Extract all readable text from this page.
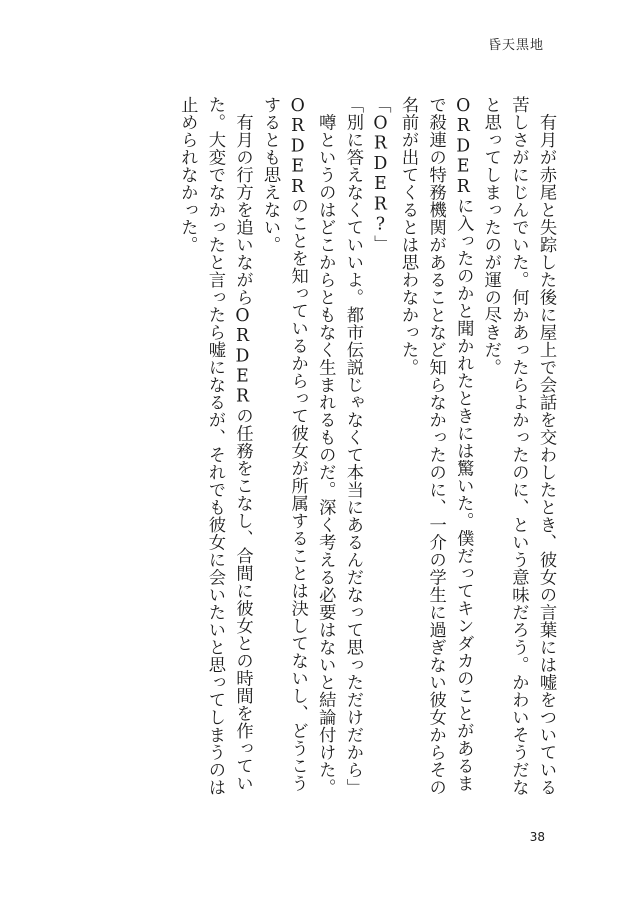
昏天黒地

　有月が赤尾と失踪した後に屋上で会話を交わしたとき、彼女の言葉には嘘をついている苦しさがにじんでいた。何かあったらよかったのに、という意味だろう。かわいそうだなと思ってしまったのが運の尽きだ。

ORDERに入ったのかと聞かれたときには驚いた。僕だってキンダカのことがあるまで殺連の特務機関があることなど知らなかったのに、一介の学生に過ぎない彼女からその名前が出てくるとは思わなかった。

「ORDER?」

「別に答えなくていいよ。都市伝説じゃなくて本当にあるんだなって思っただけだから」

　噂というのはどこからともなく生まれるものだ。深く考える必要はないと結論付けた。ORDERのことを知っているからって彼女が所属することは決してないし、どうこうするとも思えない。

　有月の行方を追いながらORDERの任務をこなし、合間に彼女との時間を作っていた。大変でなかったと言ったら嘘になるが、それでも彼女に会いたいと思ってしまうのは止められなかった。

38
